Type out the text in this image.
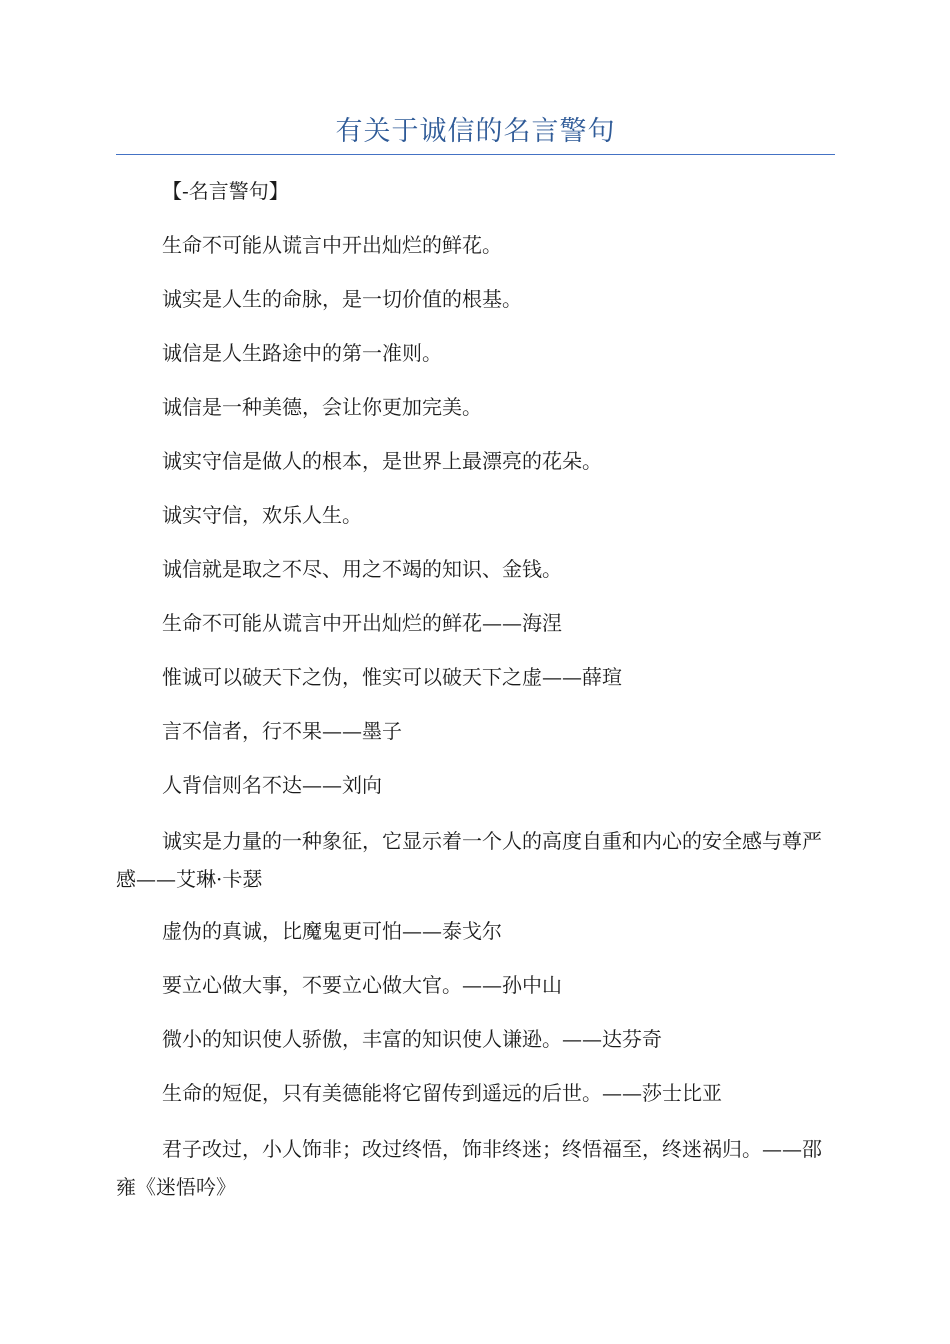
有关于诚信的名言警句

【-名言警句】

生命不可能从谎言中开出灿烂的鲜花。

诚实是人生的命脉，是一切价值的根基。

诚信是人生路途中的第一准则。

诚信是一种美德，会让你更加完美。

诚实守信是做人的根本，是世界上最漂亮的花朵。

诚实守信，欢乐人生。

诚信就是取之不尽、用之不竭的知识、金钱。

生命不可能从谎言中开出灿烂的鲜花——海涅

惟诚可以破天下之伪，惟实可以破天下之虚——薛瑄

言不信者，行不果——墨子

人背信则名不达——刘向

诚实是力量的一种象征，它显示着一个人的高度自重和内心的安全感与尊严感——艾琳·卡瑟

虚伪的真诚，比魔鬼更可怕——泰戈尔

要立心做大事，不要立心做大官。——孙中山

微小的知识使人骄傲，丰富的知识使人谦逊。——达芬奇

生命的短促，只有美德能将它留传到遥远的后世。——莎士比亚

君子改过，小人饰非；改过终悟，饰非终迷；终悟福至，终迷祸归。——邵雍《迷悟吟》
